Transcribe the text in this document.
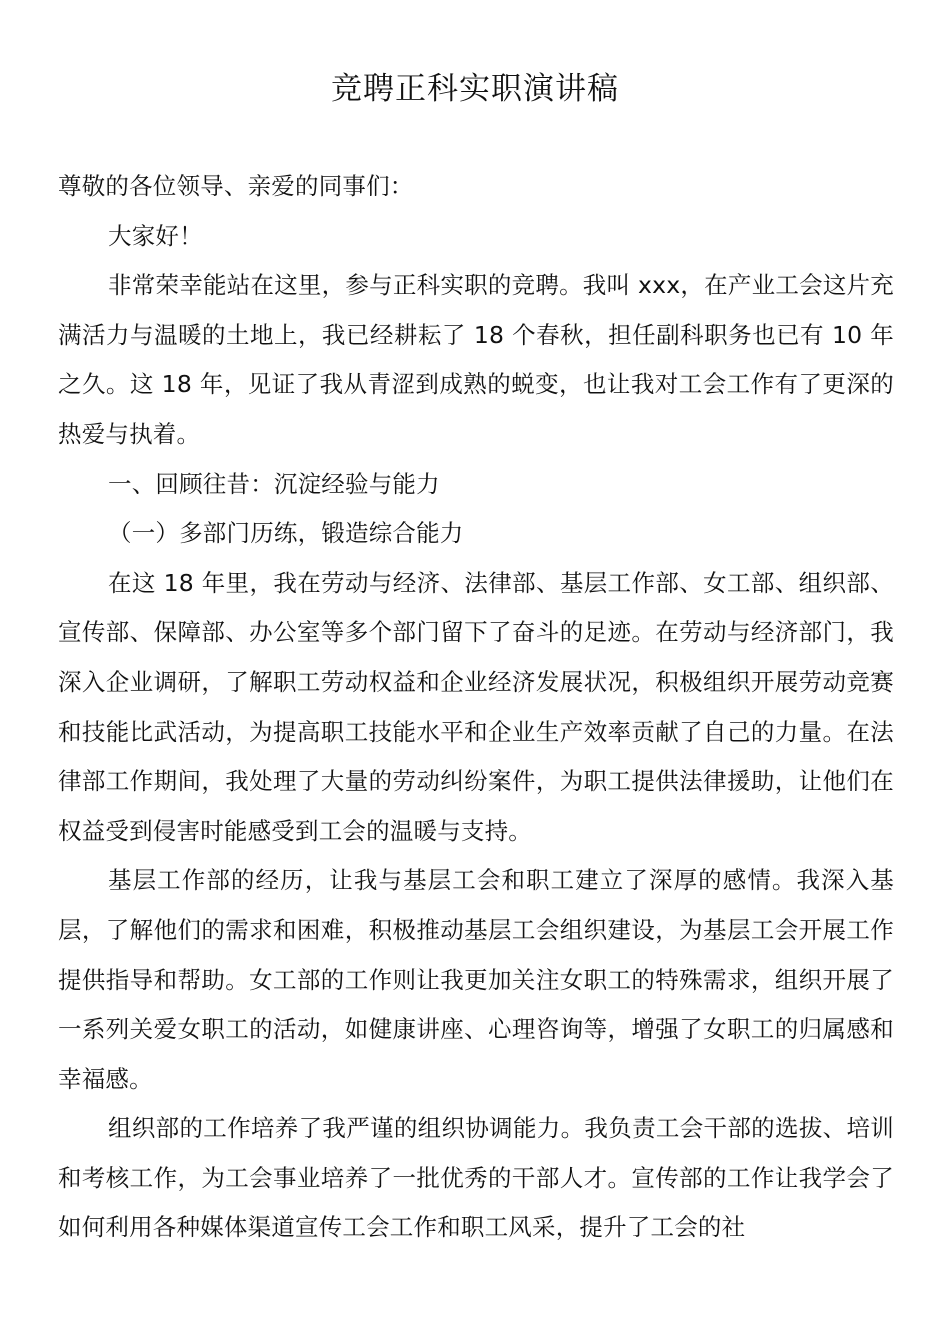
竞聘正科实职演讲稿

尊敬的各位领导、亲爱的同事们：

大家好！

非常荣幸能站在这里，参与正科实职的竞聘。我叫 xxx，在产业工会这片充满活力与温暖的土地上，我已经耕耘了 18 个春秋，担任副科职务也已有 10 年之久。这 18 年，见证了我从青涩到成熟的蜕变，也让我对工会工作有了更深的热爱与执着。

一、回顾往昔：沉淀经验与能力

（一）多部门历练，锻造综合能力

在这 18 年里，我在劳动与经济、法律部、基层工作部、女工部、组织部、宣传部、保障部、办公室等多个部门留下了奋斗的足迹。在劳动与经济部门，我深入企业调研，了解职工劳动权益和企业经济发展状况，积极组织开展劳动竞赛和技能比武活动，为提高职工技能水平和企业生产效率贡献了自己的力量。在法律部工作期间，我处理了大量的劳动纠纷案件，为职工提供法律援助，让他们在权益受到侵害时能感受到工会的温暖与支持。

基层工作部的经历，让我与基层工会和职工建立了深厚的感情。我深入基层，了解他们的需求和困难，积极推动基层工会组织建设，为基层工会开展工作提供指导和帮助。女工部的工作则让我更加关注女职工的特殊需求，组织开展了一系列关爱女职工的活动，如健康讲座、心理咨询等，增强了女职工的归属感和幸福感。

组织部的工作培养了我严谨的组织协调能力。我负责工会干部的选拔、培训和考核工作，为工会事业培养了一批优秀的干部人才。宣传部的工作让我学会了如何利用各种媒体渠道宣传工会工作和职工风采，提升了工会的社
